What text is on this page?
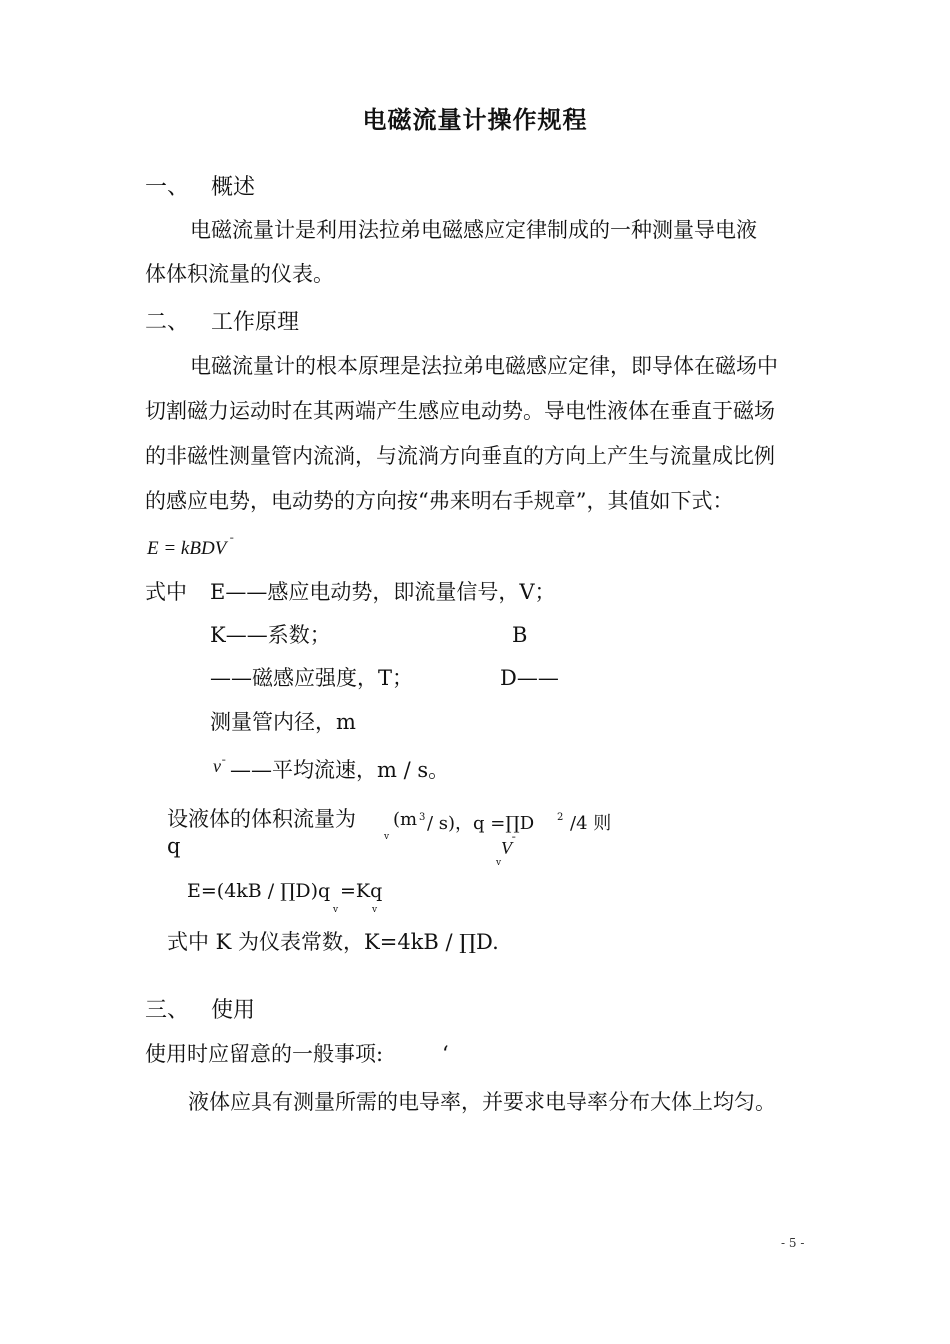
电磁流量计操作规程
一、 概述
电磁流量计是利用法拉弟电磁感应定律制成的一种测量导电液
体体积流量的仪表。
二、 工作原理
电磁流量计的根本原理是法拉弟电磁感应定律，即导体在磁场中
切割磁力运动时在其两端产生感应电动势。导电性液体在垂直于磁场
的非磁性测量管内流淌，与流淌方向垂直的方向上产生与流量成比例
的感应电势，电动势的方向按“弗来明右手规章”，其值如下式：
E = kBDV ˉ
式中 E——感应电动势，即流量信号，V；
K——系数；	B
——磁感应强度，T；	D——
测量管内径，m
v ˉ ——平均流速，m / s。
设液体的体积流量为
q
(m 3 / s)，q =∏D 2 /4 则
v
V ˉ
v
E=(4kB / ∏D)q =Kq
v	v
式中 K 为仪表常数，K=4kB / ∏D.
三、 使用
使用时应留意的一般事项:	‘
液体应具有测量所需的电导率，并要求电导率分布大体上均匀。
- 5 -
